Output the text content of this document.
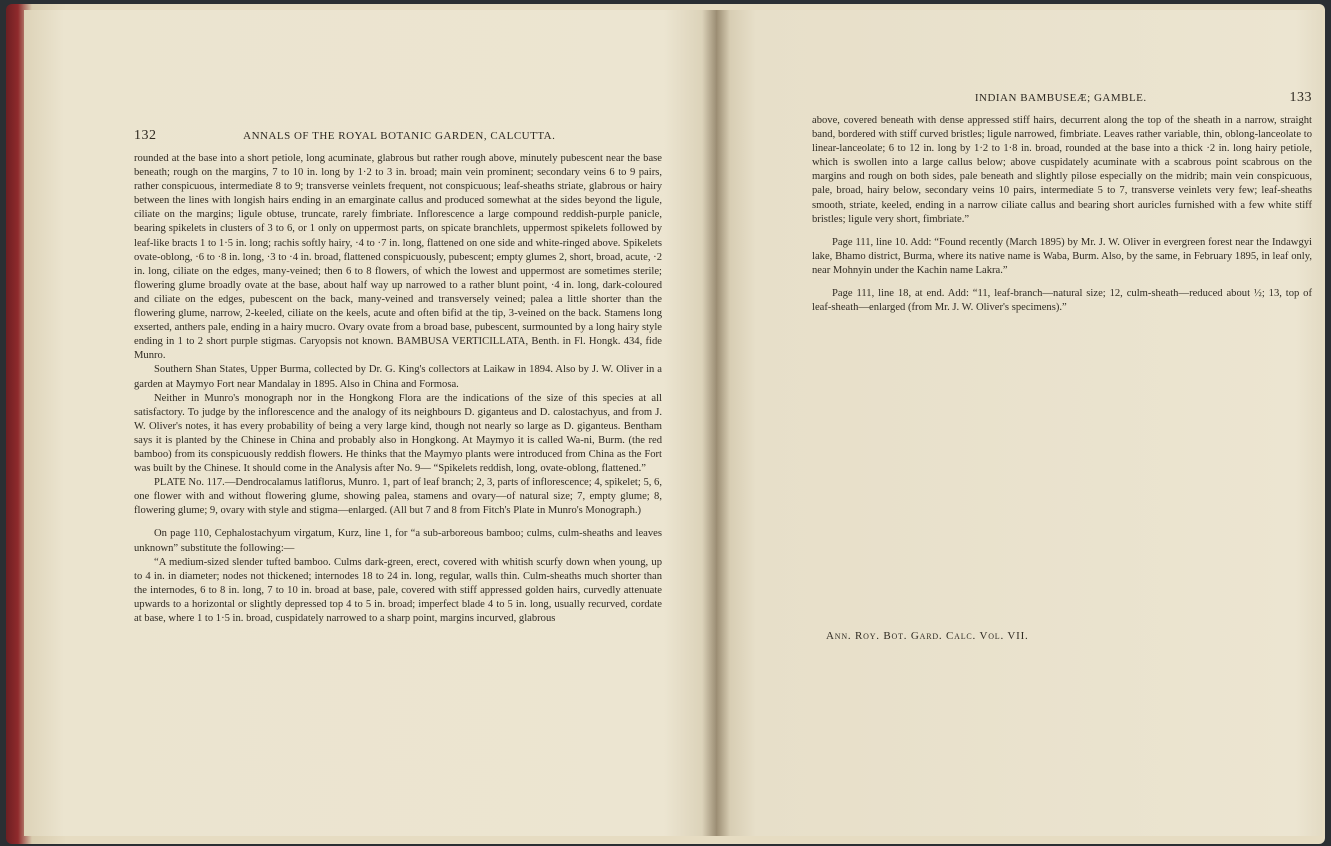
132	ANNALS OF THE ROYAL BOTANIC GARDEN, CALCUTTA.

rounded at the base into a short petiole, long acuminate, glabrous but rather rough above, minutely pubescent near the base beneath; rough on the margins, 7 to 10 in. long by 1·2 to 3 in. broad; main vein prominent; secondary veins 6 to 9 pairs, rather conspicuous, intermediate 8 to 9; transverse veinlets frequent, not conspicuous; leaf-sheaths striate, glabrous or hairy between the lines with longish hairs ending in an emarginate callus and produced somewhat at the sides beyond the ligule, ciliate on the margins; ligule obtuse, truncate, rarely fimbriate. Inflorescence a large compound reddish-purple panicle, bearing spikelets in clusters of 3 to 6, or 1 only on uppermost parts, on spicate branchlets, uppermost spikelets followed by leaf-like bracts 1 to 1·5 in. long; rachis softly hairy, ·4 to ·7 in. long, flattened on one side and white-ringed above. Spikelets ovate-oblong, ·6 to ·8 in. long, ·3 to ·4 in. broad, flattened conspicuously, pubescent; empty glumes 2, short, broad, acute, ·2 in. long, ciliate on the edges, many-veined; then 6 to 8 flowers, of which the lowest and uppermost are sometimes sterile; flowering glume broadly ovate at the base, about half way up narrowed to a rather blunt point, ·4 in. long, dark-coloured and ciliate on the edges, pubescent on the back, many-veined and transversely veined; palea a little shorter than the flowering glume, narrow, 2-keeled, ciliate on the keels, acute and often bifid at the tip, 3-veined on the back. Stamens long exserted, anthers pale, ending in a hairy mucro. Ovary ovate from a broad base, pubescent, surmounted by a long hairy style ending in 1 to 2 short purple stigmas. Caryopsis not known. BAMBUSA VERTICILLATA, Benth. in Fl. Hongk. 434, fide Munro.

Southern Shan States, Upper Burma, collected by Dr. G. King's collectors at Laikaw in 1894. Also by J. W. Oliver in a garden at Maymyo Fort near Mandalay in 1895. Also in China and Formosa.

Neither in Munro's monograph nor in the Hongkong Flora are the indications of the size of this species at all satisfactory. To judge by the inflorescence and the analogy of its neighbours D. giganteus and D. calostachyus, and from J. W. Oliver's notes, it has every probability of being a very large kind, though not nearly so large as D. giganteus. Bentham says it is planted by the Chinese in China and probably also in Hongkong. At Maymyo it is called Wa-ni, Burm. (the red bamboo) from its conspicuously reddish flowers. He thinks that the Maymyo plants were introduced from China as the Fort was built by the Chinese. It should come in the Analysis after No. 9— “Spikelets reddish, long, ovate-oblong, flattened.”

PLATE No. 117.—Dendrocalamus latiflorus, Munro. 1, part of leaf branch; 2, 3, parts of inflorescence; 4, spikelet; 5, 6, one flower with and without flowering glume, showing palea, stamens and ovary—of natural size; 7, empty glume; 8, flowering glume; 9, ovary with style and stigma—enlarged. (All but 7 and 8 from Fitch's Plate in Munro's Monograph.)

On page 110, Cephalostachyum virgatum, Kurz, line 1, for “a sub-arboreous bamboo; culms, culm-sheaths and leaves unknown” substitute the following:—

“A medium-sized slender tufted bamboo. Culms dark-green, erect, covered with whitish scurfy down when young, up to 4 in. in diameter; nodes not thickened; internodes 18 to 24 in. long, regular, walls thin. Culm-sheaths much shorter than the internodes, 6 to 8 in. long, 7 to 10 in. broad at base, pale, covered with stiff appressed golden hairs, curvedly attenuate upwards to a horizontal or slightly depressed top 4 to 5 in. broad; imperfect blade 4 to 5 in. long, usually recurved, cordate at base, where 1 to 1·5 in. broad, cuspidately narrowed to a sharp point, margins incurved, glabrous

INDIAN BAMBUSEÆ; GAMBLE.	133

above, covered beneath with dense appressed stiff hairs, decurrent along the top of the sheath in a narrow, straight band, bordered with stiff curved bristles; ligule narrowed, fimbriate. Leaves rather variable, thin, oblong-lanceolate to linear-lanceolate; 6 to 12 in. long by 1·2 to 1·8 in. broad, rounded at the base into a thick ·2 in. long hairy petiole, which is swollen into a large callus below; above cuspidately acuminate with a scabrous point scabrous on the margins and rough on both sides, pale beneath and slightly pilose especially on the midrib; main vein conspicuous, pale, broad, hairy below, secondary veins 10 pairs, intermediate 5 to 7, transverse veinlets very few; leaf-sheaths smooth, striate, keeled, ending in a narrow ciliate callus and bearing short auricles furnished with a few white stiff bristles; ligule very short, fimbriate.”

Page 111, line 10. Add: “Found recently (March 1895) by Mr. J. W. Oliver in evergreen forest near the Indawgyi lake, Bhamo district, Burma, where its native name is Waba, Burm. Also, by the same, in February 1895, in leaf only, near Mohnyin under the Kachin name Lakra.”

Page 111, line 18, at end. Add: “11, leaf-branch—natural size; 12, culm-sheath—reduced about ½; 13, top of leaf-sheath—enlarged (from Mr. J. W. Oliver's specimens).”

Ann. Roy. Bot. Gard. Calc. Vol. VII.
